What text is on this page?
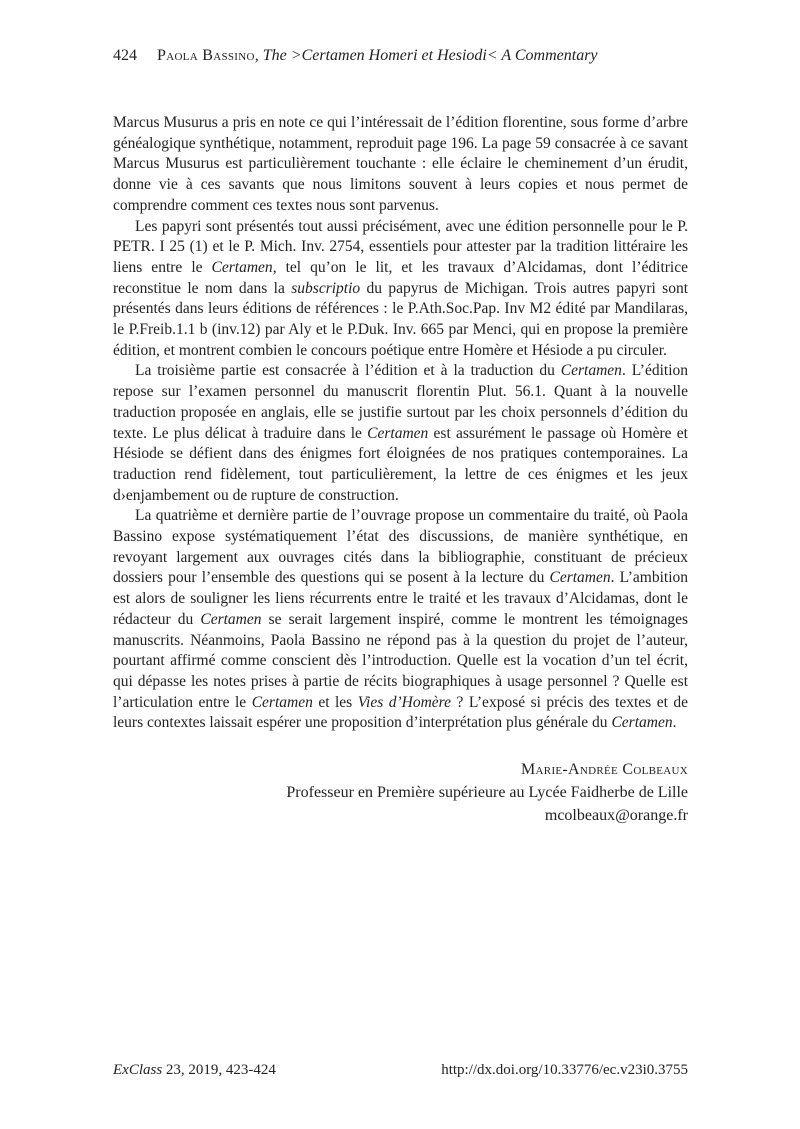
424 Paola Bassino, The >Certamen Homeri et Hesiodi< A Commentary

Marcus Musurus a pris en note ce qui l’intéressait de l’édition florentine, sous forme d’arbre généalogique synthétique, notamment, reproduit page 196. La page 59 consacrée à ce savant Marcus Musurus est particulièrement touchante : elle éclaire le cheminement d’un érudit, donne vie à ces savants que nous limitons souvent à leurs copies et nous permet de comprendre comment ces textes nous sont parvenus.

Les papyri sont présentés tout aussi précisément, avec une édition personnelle pour le P. PETR. I 25 (1) et le P. Mich. Inv. 2754, essentiels pour attester par la tradition littéraire les liens entre le Certamen, tel qu’on le lit, et les travaux d’Alcidamas, dont l’éditrice reconstitue le nom dans la subscriptio du papyrus de Michigan. Trois autres papyri sont présentés dans leurs éditions de références : le P.Ath.Soc.Pap. Inv M2 édité par Mandilaras, le P.Freib.1.1 b (inv.12) par Aly et le P.Duk. Inv. 665 par Menci, qui en propose la première édition, et montrent combien le concours poétique entre Homère et Hésiode a pu circuler.

La troisième partie est consacrée à l’édition et à la traduction du Certamen. L’édition repose sur l’examen personnel du manuscrit florentin Plut. 56.1. Quant à la nouvelle traduction proposée en anglais, elle se justifie surtout par les choix personnels d’édition du texte. Le plus délicat à traduire dans le Certamen est assurément le passage où Homère et Hésiode se défient dans des énigmes fort éloignées de nos pratiques contemporaines. La traduction rend fidèlement, tout particulièrement, la lettre de ces énigmes et les jeux d›enjambement ou de rupture de construction.

La quatrième et dernière partie de l’ouvrage propose un commentaire du traité, où Paola Bassino expose systématiquement l’état des discussions, de manière synthétique, en revoyant largement aux ouvrages cités dans la bibliographie, constituant de précieux dossiers pour l’ensemble des questions qui se posent à la lecture du Certamen. L’ambition est alors de souligner les liens récurrents entre le traité et les travaux d’Alcidamas, dont le rédacteur du Certamen se serait largement inspiré, comme le montrent les témoignages manuscrits. Néanmoins, Paola Bassino ne répond pas à la question du projet de l’auteur, pourtant affirmé comme conscient dès l’introduction. Quelle est la vocation d’un tel écrit, qui dépasse les notes prises à partie de récits biographiques à usage personnel ? Quelle est l’articulation entre le Certamen et les Vies d’Homère ? L’exposé si précis des textes et de leurs contextes laissait espérer une proposition d’interprétation plus générale du Certamen.

Marie-Andrée Colbeaux
Professeur en Première supérieure au Lycée Faidherbe de Lille
mcolbeaux@orange.fr
ExClass 23, 2019, 423-424	http://dx.doi.org/10.33776/ec.v23i0.3755
